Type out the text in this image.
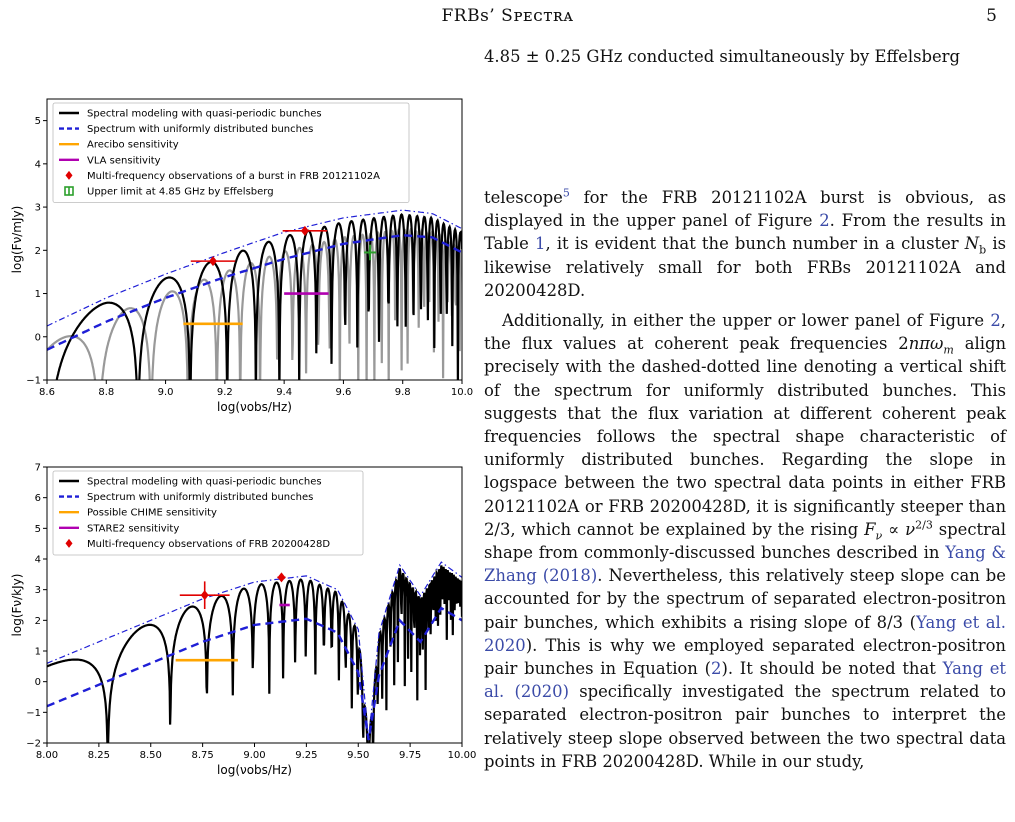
FRBs’ Sᴘᴇᴄᴛʀᴀ	5
8.6	8.8	9.0	9.2	9.4	9.6	9.8	10.0
−1
0
1
2
3
4
5
log(νobs/Hz)
log(Fν/mJy)
Spectral modeling with quasi-periodic bunches
Spectrum with uniformly distributed bunches
Arecibo sensitivity
VLA sensitivity
Multi-frequency observations of a burst in FRB 20121102A
Upper limit at 4.85 GHz by Effelsberg
8.00	8.25	8.50	8.75	9.00	9.25	9.50	9.75	10.00
−2
−1
0
1
2
3
4
5
6
7
log(νobs/Hz)
log(Fν/kJy)
Spectral modeling with quasi-periodic bunches
Spectrum with uniformly distributed bunches
Possible CHIME sensitivity
STARE2 sensitivity
Multi-frequency observations of FRB 20200428D

4.85 ± 0.25 GHz conducted simultaneously by Effelsberg

telescope$^5$ for the FRB 20121102A burst is obvious, as displayed in the upper panel of Figure 2. From the results in Table 1, it is evident that the bunch number in a cluster $N_b$ is likewise relatively small for both FRBs 20121102A and 20200428D.

Additionally, in either the upper or lower panel of Figure 2, the flux values at coherent peak frequencies 2nπω$_m$ align precisely with the dashed-dotted line denoting a vertical shift of the spectrum for uniformly distributed bunches. This suggests that the flux variation at different coherent peak frequencies follows the spectral shape characteristic of uniformly distributed bunches. Regarding the slope in logspace between the two spectral data points in either FRB 20121102A or FRB 20200428D, it is significantly steeper than 2/3, which cannot be explained by the rising $F_\nu \propto \nu^{2/3}$ spectral shape from commonly-discussed bunches described in Yang & Zhang (2018). Nevertheless, this relatively steep slope can be accounted for by the spectrum of separated electron-positron pair bunches, which exhibits a rising slope of 8/3 (Yang et al. 2020). This is why we employed separated electron-positron pair bunches in Equation (2). It should be noted that Yang et al. (2020) specifically investigated the spectrum related to separated electron-positron pair bunches to interpret the relatively steep slope observed between the two spectral data points in FRB 20200428D. While in our study,
